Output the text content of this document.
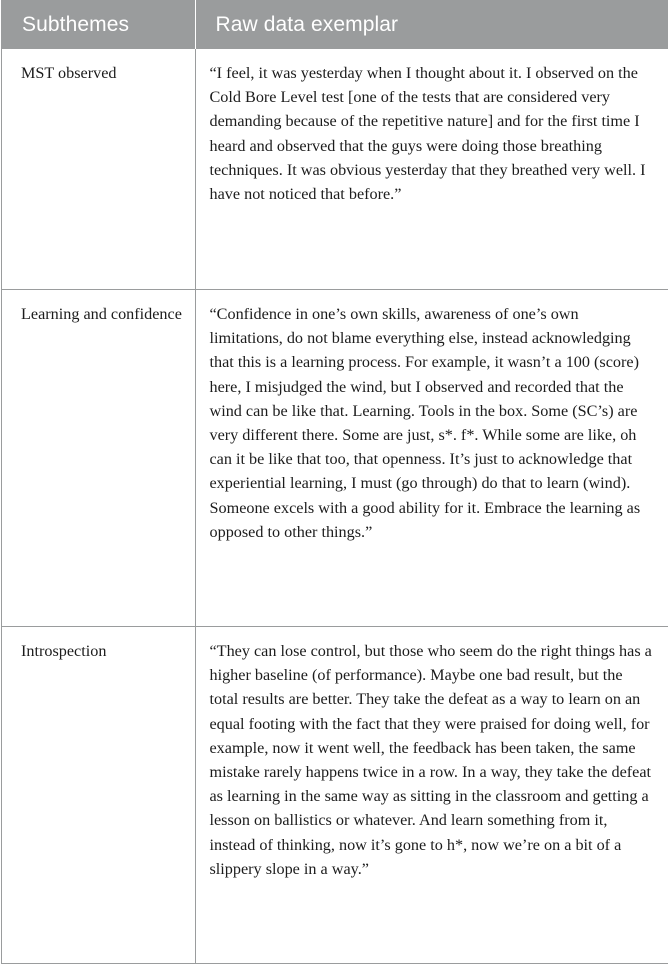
Subthemes	Raw data exemplar
MST observed	“I feel, it was yesterday when I thought about it. I observed on the Cold Bore Level test [one of the tests that are considered very demanding because of the repetitive nature] and for the first time I heard and observed that the guys were doing those breathing techniques. It was obvious yesterday that they breathed very well. I have not noticed that before.”
Learning and confidence	“Confidence in one’s own skills, awareness of one’s own limitations, do not blame everything else, instead acknowledging that this is a learning process. For example, it wasn’t a 100 (score) here, I misjudged the wind, but I observed and recorded that the wind can be like that. Learning. Tools in the box. Some (SC’s) are very different there. Some are just, s*. f*. While some are like, oh can it be like that too, that openness. It’s just to acknowledge that experiential learning, I must (go through) do that to learn (wind). Someone excels with a good ability for it. Embrace the learning as opposed to other things.”
Introspection	“They can lose control, but those who seem do the right things has a higher baseline (of performance). Maybe one bad result, but the total results are better. They take the defeat as a way to learn on an equal footing with the fact that they were praised for doing well, for example, now it went well, the feedback has been taken, the same mistake rarely happens twice in a row. In a way, they take the defeat as learning in the same way as sitting in the classroom and getting a lesson on ballistics or whatever. And learn something from it, instead of thinking, now it’s gone to h*, now we’re on a bit of a slippery slope in a way.”
